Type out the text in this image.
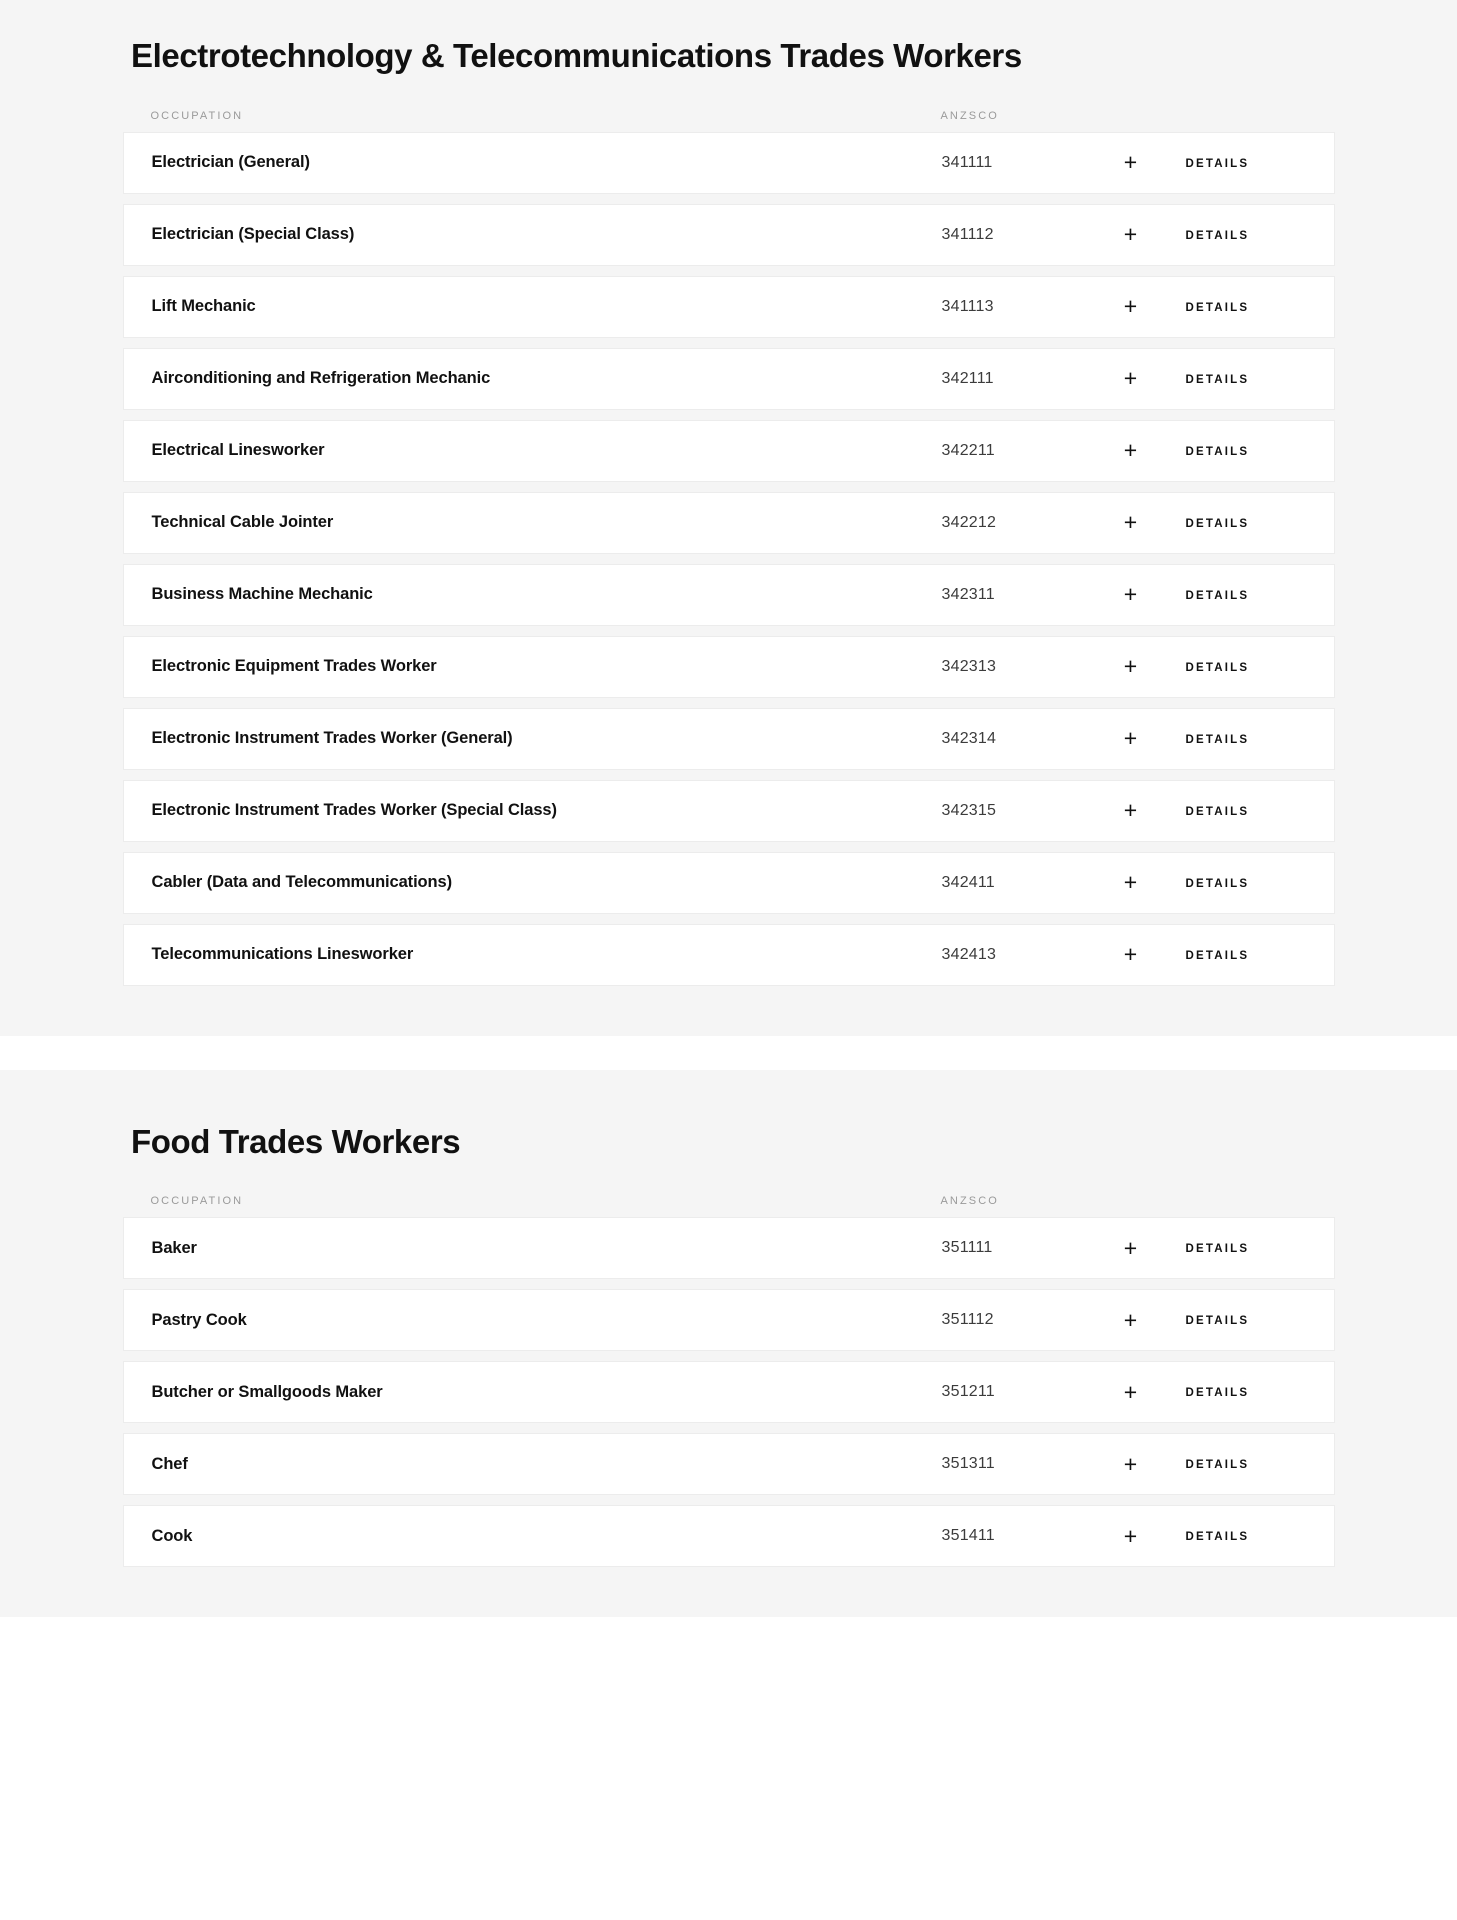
Electrotechnology & Telecommunications Trades Workers
OCCUPATION	ANZSCO
Electrician (General)	341111	+	DETAILS
Electrician (Special Class)	341112	+	DETAILS
Lift Mechanic	341113	+	DETAILS
Airconditioning and Refrigeration Mechanic	342111	+	DETAILS
Electrical Linesworker	342211	+	DETAILS
Technical Cable Jointer	342212	+	DETAILS
Business Machine Mechanic	342311	+	DETAILS
Electronic Equipment Trades Worker	342313	+	DETAILS
Electronic Instrument Trades Worker (General)	342314	+	DETAILS
Electronic Instrument Trades Worker (Special Class)	342315	+	DETAILS
Cabler (Data and Telecommunications)	342411	+	DETAILS
Telecommunications Linesworker	342413	+	DETAILS
Food Trades Workers
OCCUPATION	ANZSCO
Baker	351111	+	DETAILS
Pastry Cook	351112	+	DETAILS
Butcher or Smallgoods Maker	351211	+	DETAILS
Chef	351311	+	DETAILS
Cook	351411	+	DETAILS
